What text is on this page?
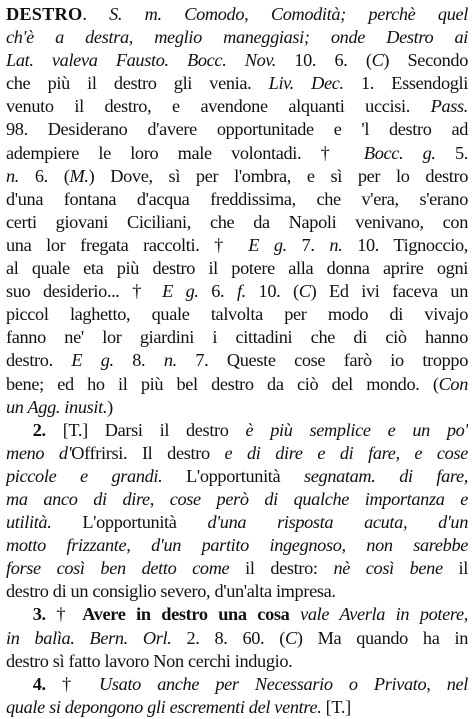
DESTRO. S. m. Comodo, Comodità; perchè quel
ch'è a destra, meglio maneggiasi; onde Destro ai
Lat. valeva Fausto. Bocc. Nov. 10. 6. (C) Secondo
che più il destro gli venia. Liv. Dec. 1. Essendogli
venuto il destro, e avendone alquanti uccisi. Pass.
98. Desiderano d'avere opportunitade e 'l destro ad
adempiere le loro male volontadi. † Bocc. g. 5.
n. 6. (M.) Dove, sì per l'ombra, e sì per lo destro
d'una fontana d'acqua freddissima, che v'era, s'erano
certi giovani Ciciliani, che da Napoli venivano, con
una lor fregata raccolti. † E g. 7. n. 10. Tignoccio,
al quale eta più destro il potere alla donna aprire ogni
suo desiderio... † E g. 6. f. 10. (C) Ed ivi faceva un
piccol laghetto, quale talvolta per modo di vivajo
fanno ne' lor giardini i cittadini che di ciò hanno
destro. E g. 8. n. 7. Queste cose farò io troppo
bene; ed ho il più bel destro da ciò del mondo. (Con
un Agg. inusit.)
  2. [T.] Darsi il destro è più semplice e un po'
meno d'Offrirsi. Il destro e di dire e di fare, e cose
piccole e grandi. L'opportunità segnatam. di fare,
ma anco di dire, cose però di qualche importanza e
utilità. L'opportunità d'una risposta acuta, d'un
motto frizzante, d'un partito ingegnoso, non sarebbe
forse così ben detto come il destro: nè così bene il
destro di un consiglio severo, d'un'alta impresa.
  3. † Avere in destro una cosa vale Averla in potere,
in balìa. Bern. Orl. 2. 8. 60. (C) Ma quando ha in
destro sì fatto lavoro Non cerchi indugio.
  4. † Usato anche per Necessario o Privato, nel
quale si depongono gli escrementi del ventre. [T.]
